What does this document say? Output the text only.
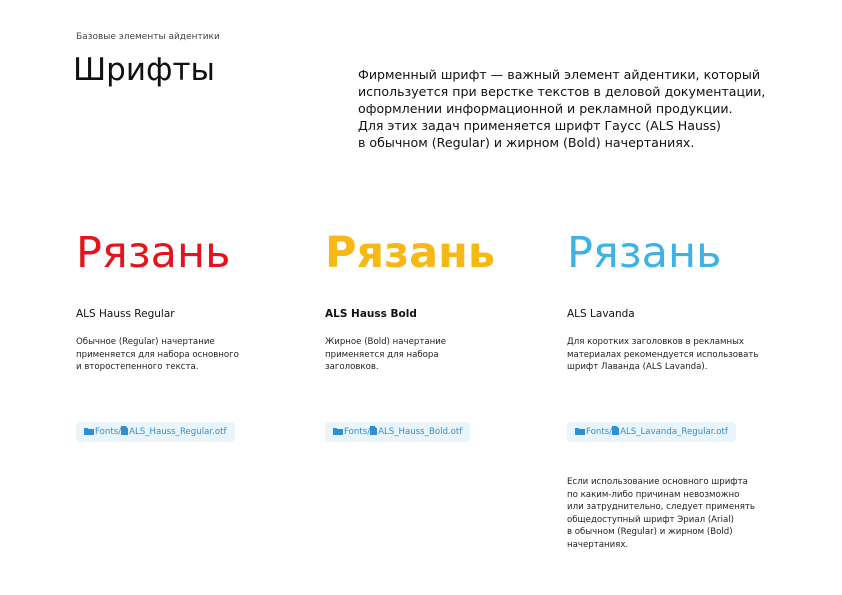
Базовые элементы айдентики
Шрифты	Фирменный шрифт — важный элемент айдентики, который
используется при верстке текстов в деловой документации,
оформлении информационной и рекламной продукции.
Для этих задач применяется шрифт Гаусс (ALS Hauss)
в обычном (Regular) и жирном (Bold) начертаниях.
Рязань
ALS Hauss Regular
Обычное (Regular) начертание
применяется для набора основного
и второстепенного текста.
Fonts/ ALS_Hauss_Regular.otf
Рязань
ALS Hauss Bold
Жирное (Bold) начертание
применяется для набора
заголовков.
Fonts/ ALS_Hauss_Bold.otf
Рязань
ALS Lavanda
Для коротких заголовков в рекламных
материалах рекомендуется использовать
шрифт Лаванда (ALS Lavanda).
Fonts/ ALS_Lavanda_Regular.otf
Если использование основного шрифта
по каким-либо причинам невозможно
или затруднительно, следует применять
общедоступный шрифт Эриал (Arial)
в обычном (Regular) и жирном (Bold)
начертаниях.
